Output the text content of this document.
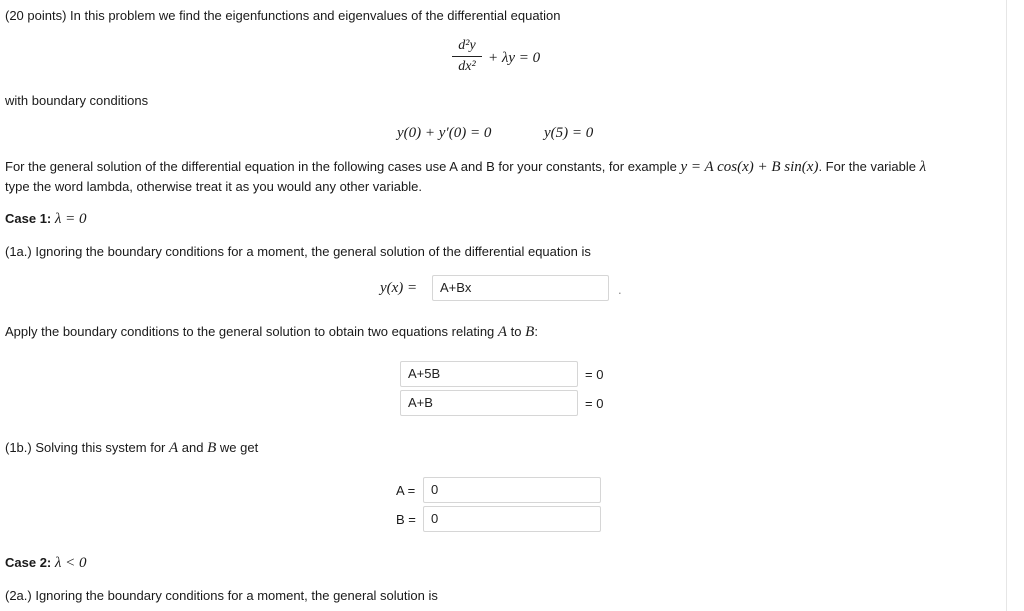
(20 points) In this problem we find the eigenfunctions and eigenvalues of the differential equation
d²y
dx²
+ λy = 0
with boundary conditions
y(0) + y′(0) = 0	y(5) = 0
For the general solution of the differential equation in the following cases use A and B for your constants, for example y = A cos(x) + B sin(x). For the variable λ
type the word lambda, otherwise treat it as you would any other variable.
Case 1: λ = 0
(1a.) Ignoring the boundary conditions for a moment, the general solution of the differential equation is
y(x) =	A+Bx	.
Apply the boundary conditions to the general solution to obtain two equations relating A to B:
A+5B	= 0
A+B	= 0
(1b.) Solving this system for A and B we get
A =	0
B =	0
Case 2: λ < 0
(2a.) Ignoring the boundary conditions for a moment, the general solution is
